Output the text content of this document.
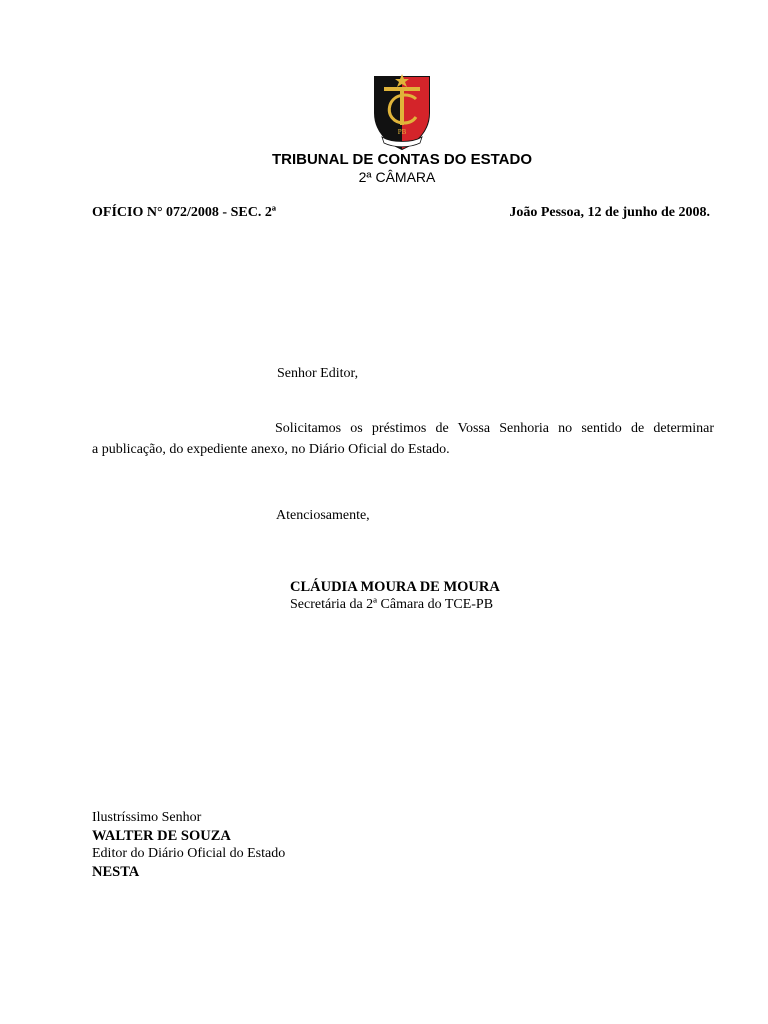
PB
TRIBUNAL DE CONTAS DO ESTADO
2ª CÂMARA
OFÍCIO N° 072/2008 - SEC. 2ª	João Pessoa, 12 de junho de 2008.
Senhor Editor,
Solicitamos os préstimos de Vossa Senhoria no sentido de determinar
a publicação, do expediente anexo, no Diário Oficial do Estado.
Atenciosamente,
CLÁUDIA MOURA DE MOURA
Secretária da 2ª Câmara do TCE-PB
Ilustríssimo Senhor
WALTER DE SOUZA
Editor do Diário Oficial do Estado
NESTA
